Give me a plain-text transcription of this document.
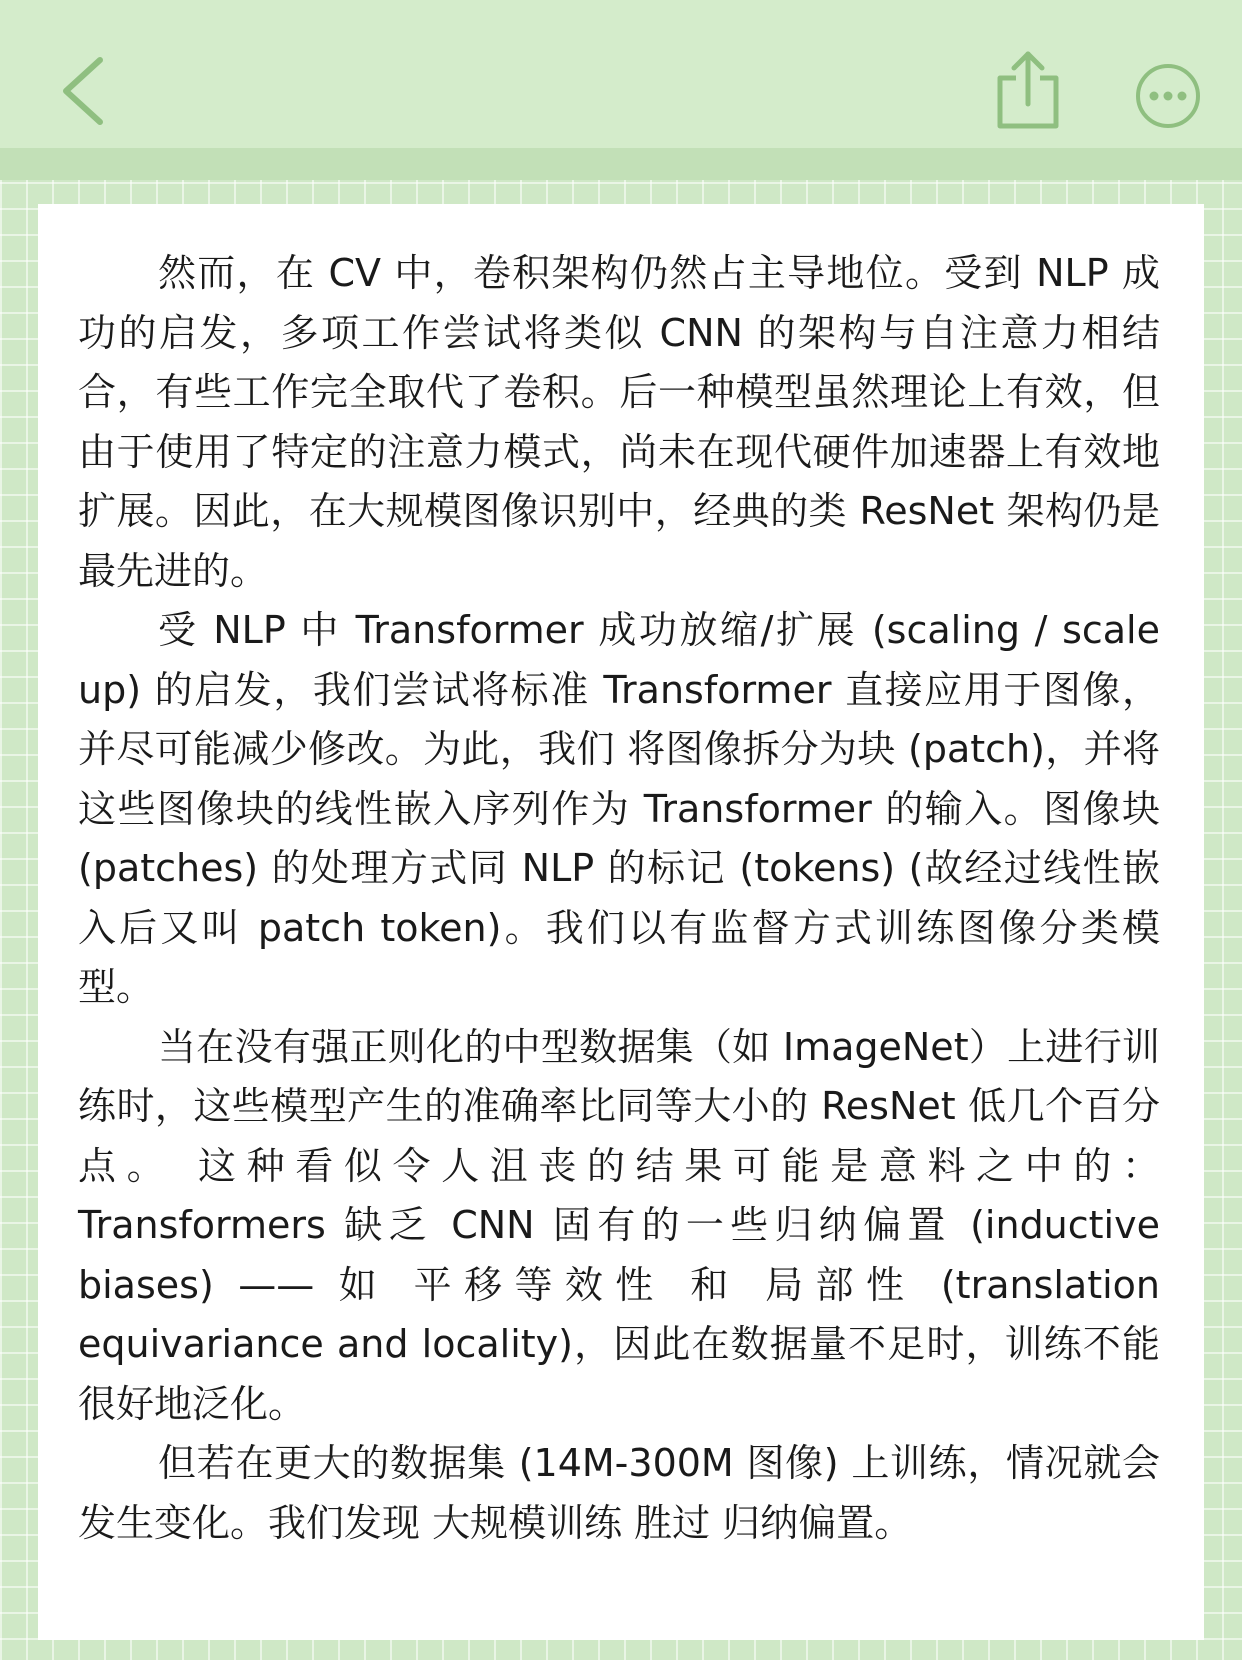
然而，在 CV 中，卷积架构仍然占主导地位。受到 NLP 成功的启发，多项工作尝试将类似 CNN 的架构与自注意力相结合，有些工作完全取代了卷积。后一种模型虽然理论上有效，但由于使用了特定的注意力模式，尚未在现代硬件加速器上有效地扩展。因此，在大规模图像识别中，经典的类 ResNet 架构仍是最先进的。

受 NLP 中 Transformer 成功放缩/扩展 (scaling / scale up) 的启发，我们尝试将标准 Transformer 直接应用于图像，并尽可能减少修改。为此，我们 将图像拆分为块 (patch)，并将这些图像块的线性嵌入序列作为 Transformer 的输入。图像块 (patches) 的处理方式同 NLP 的标记 (tokens) (故经过线性嵌入后又叫 patch token)。我们以有监督方式训练图像分类模型。

当在没有强正则化的中型数据集（如 ImageNet）上进行训练时，这些模型产生的准确率比同等大小的 ResNet 低几个百分点。 这种看似令人沮丧的结果可能是意料之中的：Transformers 缺乏 CNN 固有的一些归纳偏置 (inductive biases) —— 如 平移等效性 和 局部性 (translation equivariance and locality)，因此在数据量不足时，训练不能很好地泛化。

但若在更大的数据集 (14M-300M 图像) 上训练，情况就会发生变化。我们发现 大规模训练 胜过 归纳偏置。
